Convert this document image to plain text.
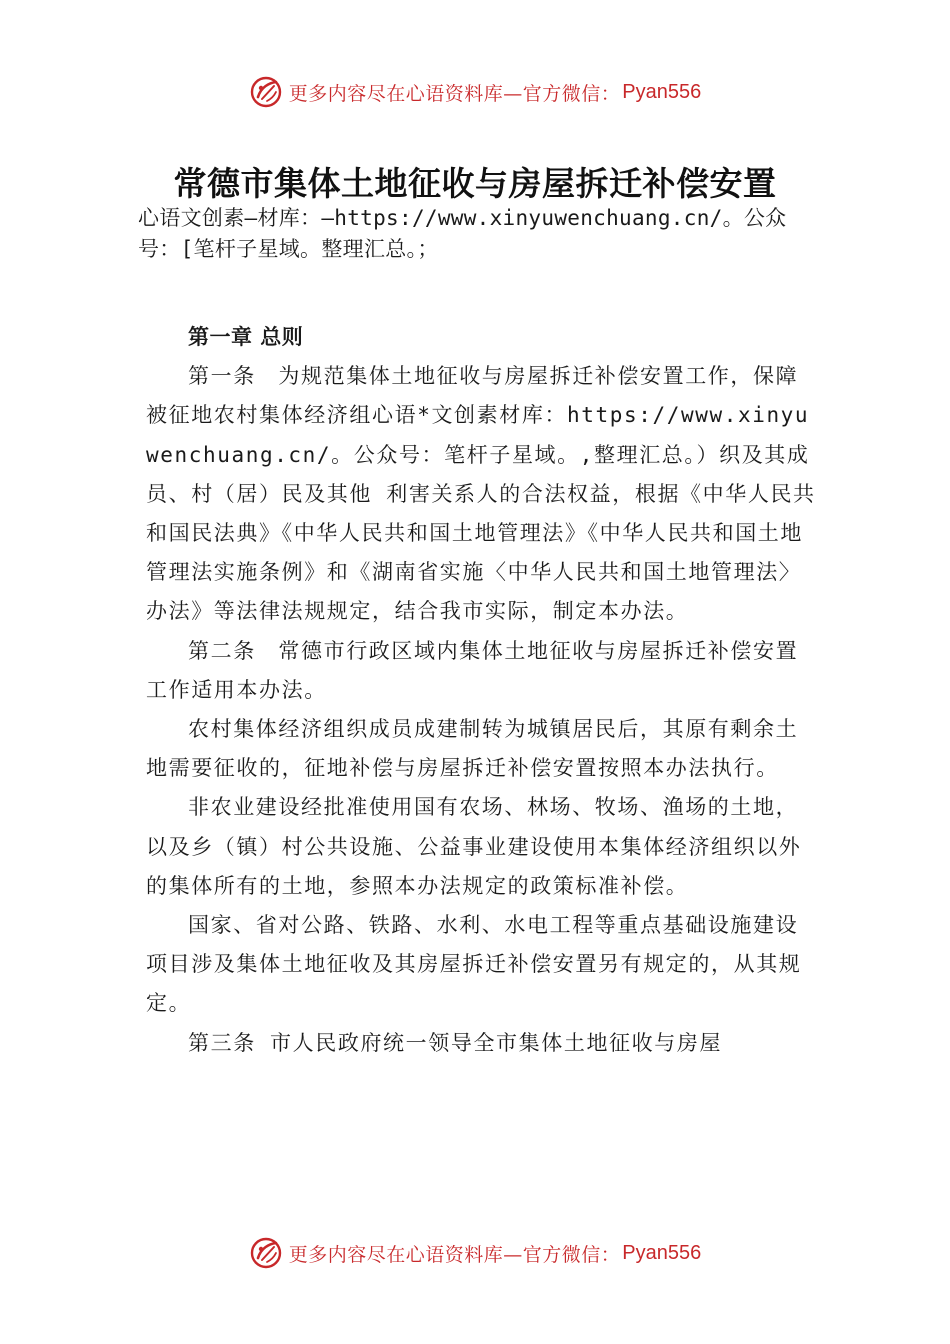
更多内容尽在心语资料库—官方微信： Pyan556
常德市集体土地征收与房屋拆迁补偿安置
心语文创素—材库：—https://www.xinyuwenchuang.cn/。公众号：[笔杆子星域。整理汇总。；

第一章 总则

第一条　为规范集体土地征收与房屋拆迁补偿安置工作，保障被征地农村集体经济组心语*文创素材库：https://www.xinyuwenchuang.cn/。公众号：笔杆子星域。,整理汇总。）织及其成员、村（居）民及其他 利害关系人的合法权益，根据《中华人民共和国民法典》《中华人民共和国土地管理法》《中华人民共和国土地管理法实施条例》和《湖南省实施〈中华人民共和国土地管理法〉办法》等法律法规规定，结合我市实际，制定本办法。

第二条　常德市行政区域内集体土地征收与房屋拆迁补偿安置工作适用本办法。

农村集体经济组织成员成建制转为城镇居民后，其原有剩余土地需要征收的，征地补偿与房屋拆迁补偿安置按照本办法执行。

非农业建设经批准使用国有农场、林场、牧场、渔场的土地，以及乡（镇）村公共设施、公益事业建设使用本集体经济组织以外的集体所有的土地，参照本办法规定的政策标准补偿。

国家、省对公路、铁路、水利、水电工程等重点基础设施建设项目涉及集体土地征收及其房屋拆迁补偿安置另有规定的，从其规定。

第三条 市人民政府统一领导全市集体土地征收与房屋

更多内容尽在心语资料库—官方微信： Pyan556
